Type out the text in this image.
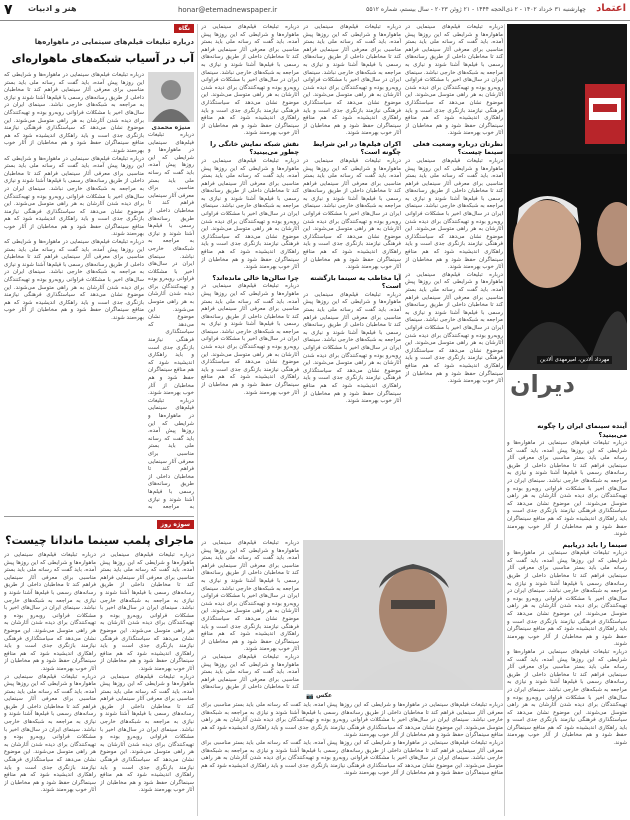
۷ هنر و ادبیات	honar@etemadnewspaper.ir	چهارشنبه ۳۱ خرداد ۱۴۰۲ - ۲ ذی‌الحجه ۱۴۴۴ - ۲۱ ژوئن ۲۰۲۳ - سال بیستم، شماره ۵۵۱۲ اعتماد
نگاه
درباره تبلیغات فیلم‌های سینمایی در ماهواره‌ها
آب در آسیاب شبکه‌های ماهواره‌ای
منیژه محمدی

درباره تبلیغات فیلم‌های سینمایی در ماهواره‌ها و شرایطی که این روزها پیش آمده، باید گفت که رسانه ملی باید بستر مناسبی برای معرفی آثار سینمایی فراهم کند تا مخاطبان داخلی از طریق رسانه‌های رسمی با فیلم‌ها آشنا شوند و نیازی به مراجعه به شبکه‌های خارجی نباشد. سینمای ایران در سال‌های اخیر با مشکلات فراوانی روبه‌رو بوده و تهیه‌کنندگان برای دیده شدن آثارشان به هر راهی متوسل می‌شوند. این موضوع نشان می‌دهد که سیاستگذاری فرهنگی نیازمند بازنگری جدی است و باید راهکاری اندیشیده شود که هم منافع سینماگران حفظ شود و هم مخاطبان از آثار خوب بهره‌مند شوند.

درباره تبلیغات فیلم‌های سینمایی در ماهواره‌ها و شرایطی که این روزها پیش آمده، باید گفت که رسانه ملی باید بستر مناسبی برای معرفی آثار سینمایی فراهم کند تا مخاطبان داخلی از طریق رسانه‌های رسمی با فیلم‌ها آشنا شوند و نیازی به مراجعه به شبکه‌های خارجی نباشد. سینمای ایران در سال‌های اخیر با مشکلات فراوانی روبه‌رو بوده و تهیه‌کنندگان برای دیده شدن آثارشان به هر راهی متوسل می‌شوند. این موضوع نشان می‌دهد که سیاستگذاری فرهنگی نیازمند بازنگری جدی است و باید راهکاری اندیشیده شود که هم منافع سینماگران حفظ شود و هم مخاطبان از آثار خوب بهره‌مند شوند.

درباره تبلیغات فیلم‌های سینمایی در ماهواره‌ها و شرایطی که این روزها پیش آمده، باید گفت که رسانه ملی باید بستر مناسبی برای معرفی آثار سینمایی فراهم کند تا مخاطبان داخلی از طریق رسانه‌های رسمی با فیلم‌ها آشنا شوند و نیازی به مراجعه به شبکه‌های خارجی نباشد. سینمای ایران در سال‌های اخیر با مشکلات فراوانی روبه‌رو بوده و تهیه‌کنندگان برای دیده شدن آثارشان به هر راهی متوسل می‌شوند. این موضوع نشان می‌دهد که سیاستگذاری فرهنگی نیازمند بازنگری جدی است و باید راهکاری اندیشیده شود که هم منافع سینماگران حفظ شود و هم مخاطبان از آثار خوب بهره‌مند شوند.

درباره تبلیغات فیلم‌های سینمایی در ماهواره‌ها و شرایطی که این روزها پیش آمده، باید گفت که رسانه ملی باید بستر مناسبی برای معرفی آثار سینمایی فراهم کند تا مخاطبان داخلی از طریق رسانه‌های رسمی با فیلم‌ها آشنا شوند و نیازی به مراجعه به شبکه‌های خارجی نباشد. سینمای ایران در سال‌های اخیر با مشکلات فراوانی روبه‌رو بوده و تهیه‌کنندگان برای دیده شدن آثارشان به هر راهی متوسل می‌شوند. این موضوع نشان می‌دهد که سیاستگذاری فرهنگی نیازمند بازنگری جدی است و باید راهکاری اندیشیده شود که هم منافع سینماگران حفظ شود و هم مخاطبان از آثار خوب بهره‌مند شوند.

درباره تبلیغات فیلم‌های سینمایی در ماهواره‌ها و شرایطی که این روزها پیش آمده، باید گفت که رسانه ملی باید بستر مناسبی برای معرفی آثار سینمایی فراهم کند تا مخاطبان داخلی از طریق رسانه‌های رسمی با فیلم‌ها آشنا شوند و نیازی به مراجعه به

سوژه روز
ماجرای پلمب سینما ماندانا چیست؟

درباره تبلیغات فیلم‌های سینمایی در ماهواره‌ها و شرایطی که این روزها پیش آمده، باید گفت که رسانه ملی باید بستر مناسبی برای معرفی آثار سینمایی فراهم کند تا مخاطبان داخلی از طریق رسانه‌های رسمی با فیلم‌ها آشنا شوند و نیازی به مراجعه به شبکه‌های خارجی نباشد. سینمای ایران در سال‌های اخیر با مشکلات فراوانی روبه‌رو بوده و تهیه‌کنندگان برای دیده شدن آثارشان به هر راهی متوسل می‌شوند. این موضوع نشان می‌دهد که سیاستگذاری فرهنگی نیازمند بازنگری جدی است و باید راهکاری اندیشیده شود که هم منافع سینماگران حفظ شود و هم مخاطبان از آثار خوب بهره‌مند شوند.

درباره تبلیغات فیلم‌های سینمایی در ماهواره‌ها و شرایطی که این روزها پیش آمده، باید گفت که رسانه ملی باید بستر مناسبی برای معرفی آثار سینمایی فراهم کند تا مخاطبان داخلی از طریق رسانه‌های رسمی با فیلم‌ها آشنا شوند و نیازی به مراجعه به شبکه‌های خارجی نباشد. سینمای ایران در سال‌های اخیر با مشکلات فراوانی روبه‌رو بوده و تهیه‌کنندگان برای دیده شدن آثارشان به هر راهی متوسل می‌شوند. این موضوع نشان می‌دهد که سیاستگذاری فرهنگی نیازمند بازنگری جدی است و باید راهکاری اندیشیده شود که هم منافع سینماگران حفظ شود و هم مخاطبان از آثار خوب بهره‌مند شوند.

درباره تبلیغات فیلم‌های سینمایی در ماهواره‌ها و شرایطی که این روزها پیش آمده، باید گفت که رسانه ملی باید بستر مناسبی برای معرفی آثار سینمایی فراهم کند تا مخاطبان داخلی از طریق رسانه‌های رسمی با فیلم‌ها آشنا شوند و نیازی به مراجعه به شبکه‌های خارجی نباشد. سینمای ایران در سال‌های اخیر با مشکلات فراوانی روبه‌رو بوده و تهیه‌کنندگان برای دیده شدن آثارشان به هر راهی متوسل می‌شوند. این موضوع نشان می‌دهد که سیاستگذاری فرهنگی نیازمند بازنگری جدی است و باید راهکاری اندیشیده شود که هم منافع سینماگران حفظ شود و هم مخاطبان از آثار خوب بهره‌مند شوند.

درباره تبلیغات فیلم‌های سینمایی در ماهواره‌ها و شرایطی که این روزها پیش آمده، باید گفت که رسانه ملی باید بستر مناسبی برای معرفی آثار سینمایی فراهم کند تا مخاطبان داخلی از طریق رسانه‌های رسمی با فیلم‌ها آشنا شوند و نیازی به مراجعه به شبکه‌های خارجی نباشد. سینمای ایران در سال‌های اخیر با مشکلات فراوانی روبه‌رو بوده و تهیه‌کنندگان برای دیده شدن آثارشان به هر راهی متوسل می‌شوند. این موضوع نشان می‌دهد که سیاستگذاری فرهنگی نیازمند بازنگری جدی است و باید راهکاری اندیشیده شود که هم منافع سینماگران حفظ شود و هم مخاطبان از آثار خوب بهره‌مند شوند.

درباره تبلیغات فیلم‌های سینمایی در ماهواره‌ها و شرایطی که این روزها پیش آمده، باید گفت که رسانه ملی باید بستر مناسبی برای معرفی آثار سینمایی فراهم کند تا مخاطبان داخلی از طریق رسانه‌های رسمی با فیلم‌ها آشنا شوند و نیازی به مراجعه به شبکه‌های خارجی نباشد. سینمای ایران در سال‌های اخیر با مشکلات فراوانی روبه‌رو بوده و تهیه‌کنندگان برای دیده شدن آثارشان به هر راهی متوسل می‌شوند. این موضوع نشان می‌دهد که سیاستگذاری فرهنگی نیازمند بازنگری جدی است و باید راهکاری اندیشیده شود که هم منافع سینماگران حفظ شود و هم مخاطبان از آثار خوب بهره‌مند شوند.

نقش شبکه نمایش خانگی را چطور می‌بینید؟

درباره تبلیغات فیلم‌های سینمایی در ماهواره‌ها و شرایطی که این روزها پیش آمده، باید گفت که رسانه ملی باید بستر مناسبی برای معرفی آثار سینمایی فراهم کند تا مخاطبان داخلی از طریق رسانه‌های رسمی با فیلم‌ها آشنا شوند و نیازی به مراجعه به شبکه‌های خارجی نباشد. سینمای ایران در سال‌های اخیر با مشکلات فراوانی روبه‌رو بوده و تهیه‌کنندگان برای دیده شدن آثارشان به هر راهی متوسل می‌شوند. این موضوع نشان می‌دهد که سیاستگذاری فرهنگی نیازمند بازنگری جدی است و باید راهکاری اندیشیده شود که هم منافع سینماگران حفظ شود و هم مخاطبان از آثار خوب بهره‌مند شوند.

چرا سالن‌ها خالی مانده‌اند؟

درباره تبلیغات فیلم‌های سینمایی در ماهواره‌ها و شرایطی که این روزها پیش آمده، باید گفت که رسانه ملی باید بستر مناسبی برای معرفی آثار سینمایی فراهم کند تا مخاطبان داخلی از طریق رسانه‌های رسمی با فیلم‌ها آشنا شوند و نیازی به مراجعه به شبکه‌های خارجی نباشد. سینمای ایران در سال‌های اخیر با مشکلات فراوانی روبه‌رو بوده و تهیه‌کنندگان برای دیده شدن آثارشان به هر راهی متوسل می‌شوند. این موضوع نشان می‌دهد که سیاستگذاری فرهنگی نیازمند بازنگری جدی است و باید راهکاری اندیشیده شود که هم منافع سینماگران حفظ شود و هم مخاطبان از آثار خوب بهره‌مند شوند.

درباره تبلیغات فیلم‌های سینمایی در ماهواره‌ها و شرایطی که این روزها پیش آمده، باید گفت که رسانه ملی باید بستر مناسبی برای معرفی آثار سینمایی فراهم کند تا مخاطبان داخلی از طریق رسانه‌های رسمی با فیلم‌ها آشنا شوند و نیازی به مراجعه به شبکه‌های خارجی نباشد. سینمای ایران در سال‌های اخیر با مشکلات فراوانی روبه‌رو بوده و تهیه‌کنندگان برای دیده شدن آثارشان به هر راهی متوسل می‌شوند. این موضوع نشان می‌دهد که سیاستگذاری فرهنگی نیازمند بازنگری جدی است و باید راهکاری اندیشیده شود که هم منافع سینماگران حفظ شود و هم مخاطبان از آثار خوب بهره‌مند شوند.

اکران فیلم‌ها در این شرایط چگونه است؟

درباره تبلیغات فیلم‌های سینمایی در ماهواره‌ها و شرایطی که این روزها پیش آمده، باید گفت که رسانه ملی باید بستر مناسبی برای معرفی آثار سینمایی فراهم کند تا مخاطبان داخلی از طریق رسانه‌های رسمی با فیلم‌ها آشنا شوند و نیازی به مراجعه به شبکه‌های خارجی نباشد. سینمای ایران در سال‌های اخیر با مشکلات فراوانی روبه‌رو بوده و تهیه‌کنندگان برای دیده شدن آثارشان به هر راهی متوسل می‌شوند. این موضوع نشان می‌دهد که سیاستگذاری فرهنگی نیازمند بازنگری جدی است و باید راهکاری اندیشیده شود که هم منافع سینماگران حفظ شود و هم مخاطبان از آثار خوب بهره‌مند شوند.

آیا مخاطب به سینما بازگشته است؟

درباره تبلیغات فیلم‌های سینمایی در ماهواره‌ها و شرایطی که این روزها پیش آمده، باید گفت که رسانه ملی باید بستر مناسبی برای معرفی آثار سینمایی فراهم کند تا مخاطبان داخلی از طریق رسانه‌های رسمی با فیلم‌ها آشنا شوند و نیازی به مراجعه به شبکه‌های خارجی نباشد. سینمای ایران در سال‌های اخیر با مشکلات فراوانی روبه‌رو بوده و تهیه‌کنندگان برای دیده شدن آثارشان به هر راهی متوسل می‌شوند. این موضوع نشان می‌دهد که سیاستگذاری فرهنگی نیازمند بازنگری جدی است و باید راهکاری اندیشیده شود که هم منافع سینماگران حفظ شود و هم مخاطبان از آثار خوب بهره‌مند شوند.

درباره تبلیغات فیلم‌های سینمایی در ماهواره‌ها و شرایطی که این روزها پیش آمده، باید گفت که رسانه ملی باید بستر مناسبی برای معرفی آثار سینمایی فراهم کند تا مخاطبان داخلی از طریق رسانه‌های رسمی با فیلم‌ها آشنا شوند و نیازی به مراجعه به شبکه‌های خارجی نباشد. سینمای ایران در سال‌های اخیر با مشکلات فراوانی روبه‌رو بوده و تهیه‌کنندگان برای دیده شدن آثارشان به هر راهی متوسل می‌شوند. این موضوع نشان می‌دهد که سیاستگذاری فرهنگی نیازمند بازنگری جدی است و باید راهکاری اندیشیده شود که هم منافع سینماگران حفظ شود و هم مخاطبان از آثار خوب بهره‌مند شوند.

نظرتان درباره وضعیت فعلی سینما چیست؟

درباره تبلیغات فیلم‌های سینمایی در ماهواره‌ها و شرایطی که این روزها پیش آمده، باید گفت که رسانه ملی باید بستر مناسبی برای معرفی آثار سینمایی فراهم کند تا مخاطبان داخلی از طریق رسانه‌های رسمی با فیلم‌ها آشنا شوند و نیازی به مراجعه به شبکه‌های خارجی نباشد. سینمای ایران در سال‌های اخیر با مشکلات فراوانی روبه‌رو بوده و تهیه‌کنندگان برای دیده شدن آثارشان به هر راهی متوسل می‌شوند. این موضوع نشان می‌دهد که سیاستگذاری فرهنگی نیازمند بازنگری جدی است و باید راهکاری اندیشیده شود که هم منافع سینماگران حفظ شود و هم مخاطبان از آثار خوب بهره‌مند شوند.

درباره تبلیغات فیلم‌های سینمایی در ماهواره‌ها و شرایطی که این روزها پیش آمده، باید گفت که رسانه ملی باید بستر مناسبی برای معرفی آثار سینمایی فراهم کند تا مخاطبان داخلی از طریق رسانه‌های رسمی با فیلم‌ها آشنا شوند و نیازی به مراجعه به شبکه‌های خارجی نباشد. سینمای ایران در سال‌های اخیر با مشکلات فراوانی روبه‌رو بوده و تهیه‌کنندگان برای دیده شدن آثارشان به هر راهی متوسل می‌شوند. این موضوع نشان می‌دهد که سیاستگذاری فرهنگی نیازمند بازنگری جدی است و باید راهکاری اندیشیده شود که هم منافع سینماگران حفظ شود و هم مخاطبان از آثار خوب بهره‌مند شوند.

مهرداد آلادین، امیرمهدی آلادین
دیران

آینده سینمای ایران را چگونه می‌بینید؟

درباره تبلیغات فیلم‌های سینمایی در ماهواره‌ها و شرایطی که این روزها پیش آمده، باید گفت که رسانه ملی باید بستر مناسبی برای معرفی آثار سینمایی فراهم کند تا مخاطبان داخلی از طریق رسانه‌های رسمی با فیلم‌ها آشنا شوند و نیازی به مراجعه به شبکه‌های خارجی نباشد. سینمای ایران در سال‌های اخیر با مشکلات فراوانی روبه‌رو بوده و تهیه‌کنندگان برای دیده شدن آثارشان به هر راهی متوسل می‌شوند. این موضوع نشان می‌دهد که سیاستگذاری فرهنگی نیازمند بازنگری جدی است و باید راهکاری اندیشیده شود که هم منافع سینماگران حفظ شود و هم مخاطبان از آثار خوب بهره‌مند شوند.

سینما را باید دریابیم

درباره تبلیغات فیلم‌های سینمایی در ماهواره‌ها و شرایطی که این روزها پیش آمده، باید گفت که رسانه ملی باید بستر مناسبی برای معرفی آثار سینمایی فراهم کند تا مخاطبان داخلی از طریق رسانه‌های رسمی با فیلم‌ها آشنا شوند و نیازی به مراجعه به شبکه‌های خارجی نباشد. سینمای ایران در سال‌های اخیر با مشکلات فراوانی روبه‌رو بوده و تهیه‌کنندگان برای دیده شدن آثارشان به هر راهی متوسل می‌شوند. این موضوع نشان می‌دهد که سیاستگذاری فرهنگی نیازمند بازنگری جدی است و باید راهکاری اندیشیده شود که هم منافع سینماگران حفظ شود و هم مخاطبان از آثار خوب بهره‌مند شوند.

درباره تبلیغات فیلم‌های سینمایی در ماهواره‌ها و شرایطی که این روزها پیش آمده، باید گفت که رسانه ملی باید بستر مناسبی برای معرفی آثار سینمایی فراهم کند تا مخاطبان داخلی از طریق رسانه‌های رسمی با فیلم‌ها آشنا شوند و نیازی به مراجعه به شبکه‌های خارجی نباشد. سینمای ایران در سال‌های اخیر با مشکلات فراوانی روبه‌رو بوده و تهیه‌کنندگان برای دیده شدن آثارشان به هر راهی متوسل می‌شوند. این موضوع نشان می‌دهد که سیاستگذاری فرهنگی نیازمند بازنگری جدی است و باید راهکاری اندیشیده شود که هم منافع سینماگران حفظ شود و هم مخاطبان از آثار خوب بهره‌مند شوند.

📷 عکس

درباره تبلیغات فیلم‌های سینمایی در ماهواره‌ها و شرایطی که این روزها پیش آمده، باید گفت که رسانه ملی باید بستر مناسبی برای معرفی آثار سینمایی فراهم کند تا مخاطبان داخلی از طریق رسانه‌های رسمی با فیلم‌ها آشنا شوند و نیازی به مراجعه به شبکه‌های خارجی نباشد. سینمای ایران در سال‌های اخیر با مشکلات فراوانی روبه‌رو بوده و تهیه‌کنندگان برای دیده شدن آثارشان به هر راهی متوسل می‌شوند. این موضوع نشان می‌دهد که سیاستگذاری فرهنگی نیازمند بازنگری جدی است و باید راهکاری اندیشیده شود که هم منافع سینماگران حفظ شود و هم مخاطبان از آثار خوب بهره‌مند شوند.

درباره تبلیغات فیلم‌های سینمایی در ماهواره‌ها و شرایطی که این روزها پیش آمده، باید گفت که رسانه ملی باید بستر مناسبی برای معرفی آثار سینمایی فراهم کند تا مخاطبان داخلی از طریق رسانه‌های

درباره تبلیغات فیلم‌های سینمایی در ماهواره‌ها و شرایطی که این روزها پیش آمده، باید گفت که رسانه ملی باید بستر مناسبی برای معرفی آثار سینمایی فراهم کند تا مخاطبان داخلی از طریق رسانه‌های رسمی با فیلم‌ها آشنا شوند و نیازی به مراجعه به شبکه‌های خارجی نباشد. سینمای ایران در سال‌های اخیر با مشکلات فراوانی روبه‌رو بوده و تهیه‌کنندگان برای دیده شدن آثارشان به هر راهی متوسل می‌شوند. این موضوع نشان می‌دهد که سیاستگذاری فرهنگی نیازمند بازنگری جدی است و باید راهکاری اندیشیده شود که هم منافع سینماگران حفظ شود و هم مخاطبان از آثار خوب بهره‌مند شوند.

درباره تبلیغات فیلم‌های سینمایی در ماهواره‌ها و شرایطی که این روزها پیش آمده، باید گفت که رسانه ملی باید بستر مناسبی برای معرفی آثار سینمایی فراهم کند تا مخاطبان داخلی از طریق رسانه‌های رسمی با فیلم‌ها آشنا شوند و نیازی به مراجعه به شبکه‌های خارجی نباشد. سینمای ایران در سال‌های اخیر با مشکلات فراوانی روبه‌رو بوده و تهیه‌کنندگان برای دیده شدن آثارشان به هر راهی متوسل می‌شوند. این موضوع نشان می‌دهد که سیاستگذاری فرهنگی نیازمند بازنگری جدی است و باید راهکاری اندیشیده شود که هم منافع سینماگران حفظ شود و هم مخاطبان از آثار خوب بهره‌مند شوند.
